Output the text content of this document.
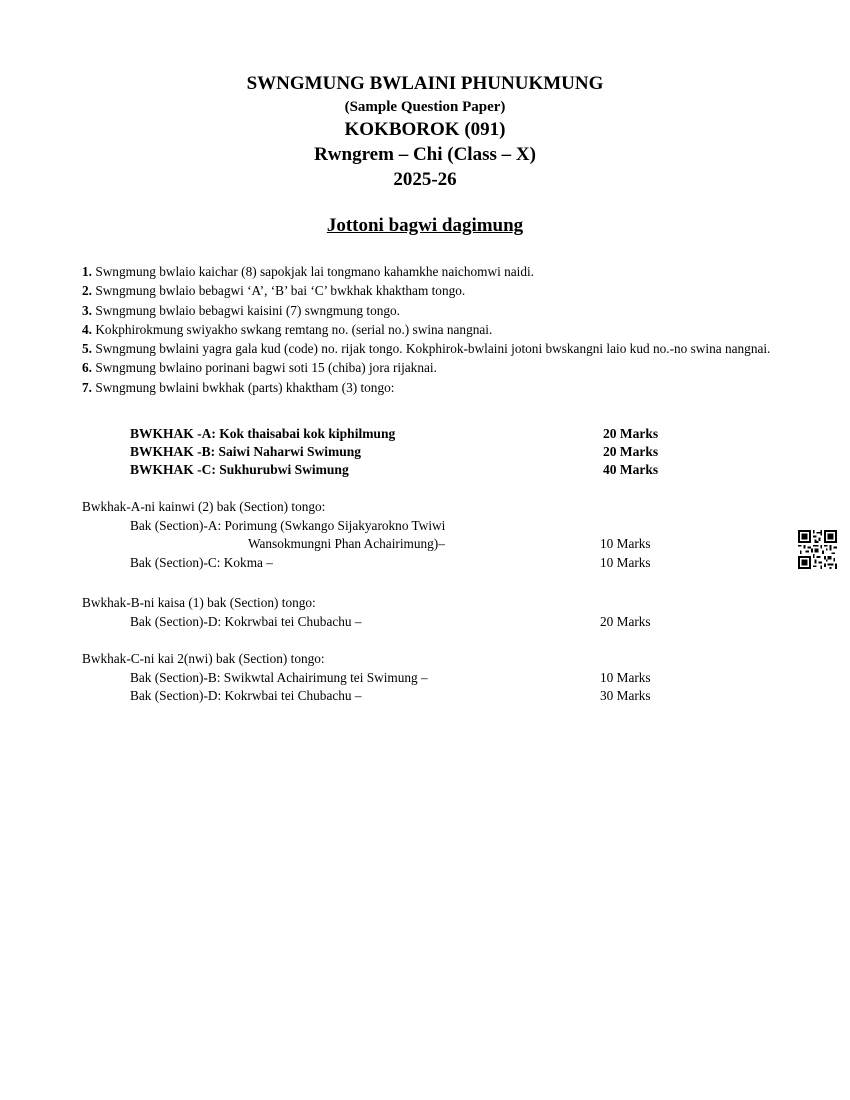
SWNGMUNG BWLAINI PHUNUKMUNG
(Sample Question Paper)
KOKBOROK (091)
Rwngrem – Chi (Class – X)
2025-26
Jottoni bagwi dagimung
1. Swngmung bwlaio kaichar (8) sapokjak lai tongmano kahamkhe naichomwi naidi.
2. Swngmung bwlaio bebagwi ‘A’, ‘B’ bai ‘C’ bwkhak khaktham tongo.
3. Swngmung bwlaio bebagwi kaisini (7) swngmung tongo.
4. Kokphirokmung swiyakho swkang remtang no. (serial no.) swina nangnai.
5. Swngmung bwlaini yagra gala kud (code) no. rijak tongo. Kokphirok-bwlaini jotoni bwskangni laio kud no.-no swina nangnai.
6. Swngmung bwlaino porinani bagwi soti 15 (chiba) jora rijaknai.
7. Swngmung bwlaini bwkhak (parts) khaktham (3) tongo:
BWKHAK -A: Kok thaisabai kok kiphilmung	20 Marks
BWKHAK -B: Saiwi Naharwi Swimung	20 Marks
BWKHAK -C: Sukhurubwi Swimung	40 Marks
Bwkhak-A-ni kainwi (2) bak (Section) tongo:
Bak (Section)-A: Porimung (Swkango Sijakyarokno Twiwi
Wansokmungni Phan Achairimung)–	10 Marks
Bak (Section)-C: Kokma –	10 Marks
Bwkhak-B-ni kaisa (1) bak (Section) tongo:
Bak (Section)-D: Kokrwbai tei Chubachu –	20 Marks
Bwkhak-C-ni kai 2(nwi) bak (Section) tongo:
Bak (Section)-B: Swikwtal Achairimung tei Swimung –	10 Marks
Bak (Section)-D: Kokrwbai tei Chubachu –	30 Marks
